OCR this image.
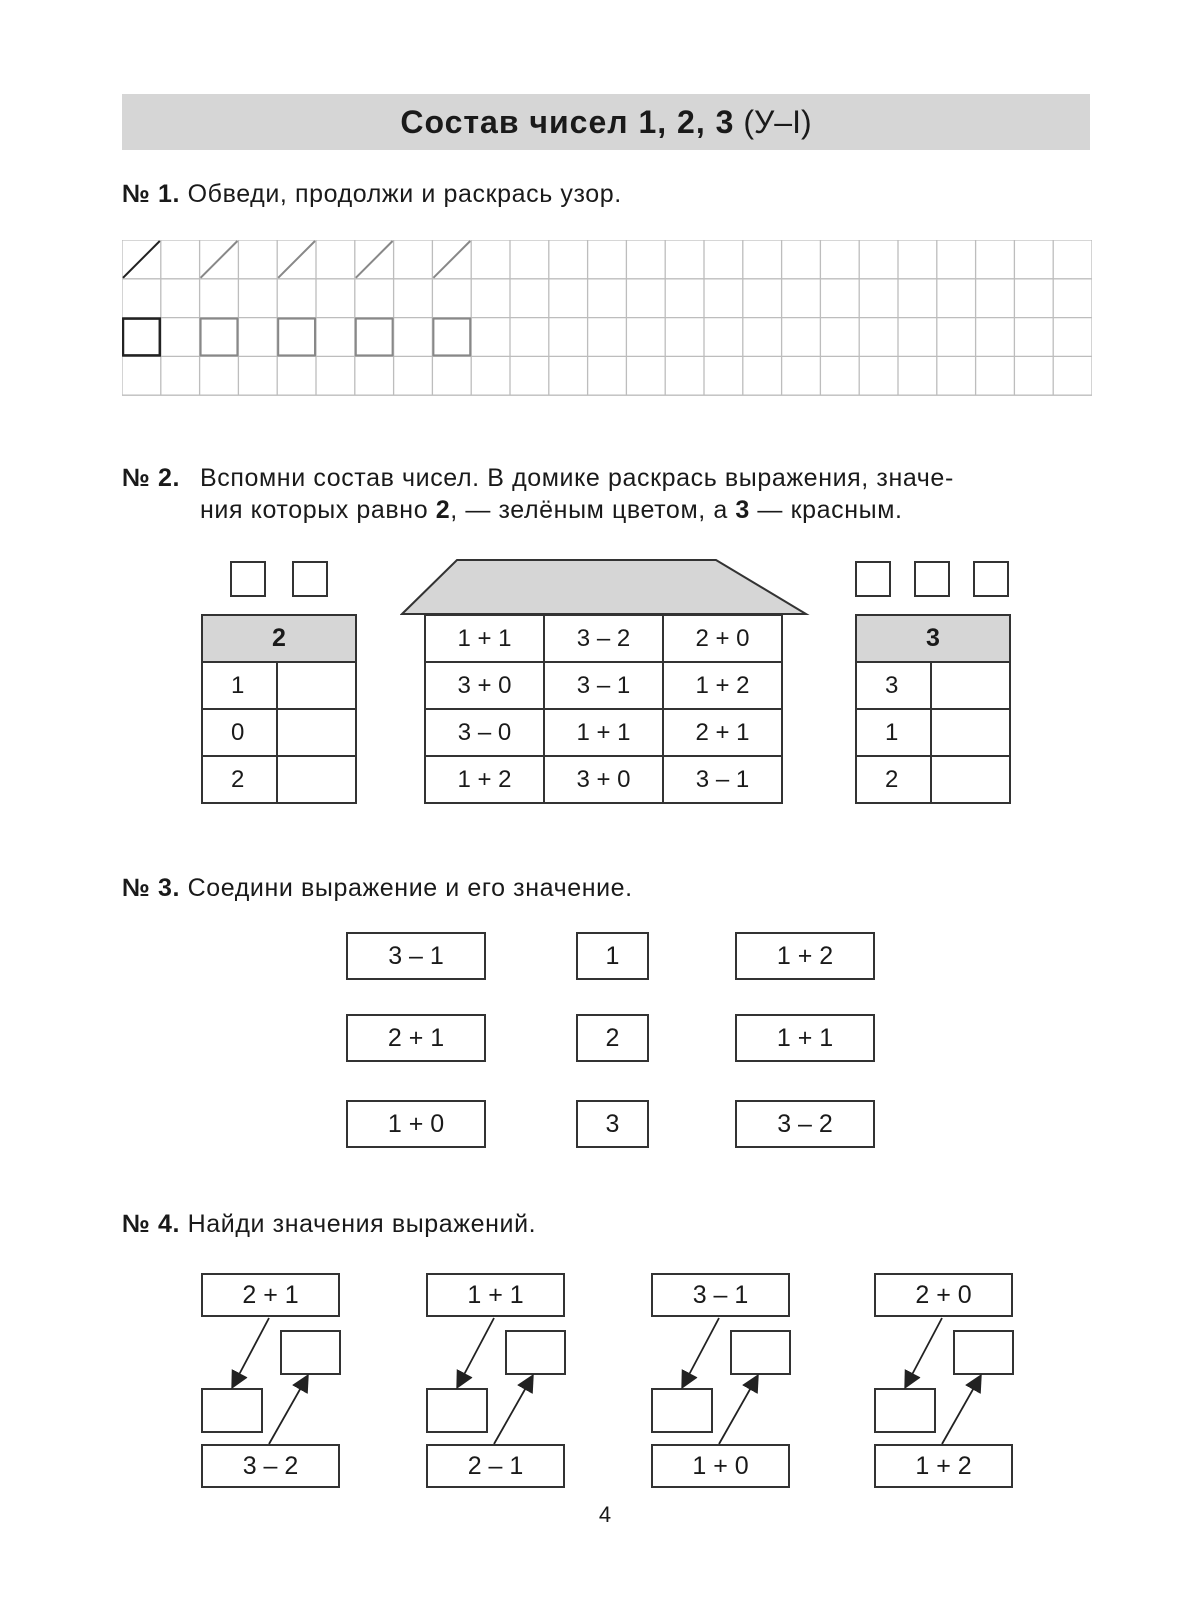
Состав чисел 1, 2, 3 (У–I)
№ 1. Обведи, продолжи и раскрась узор.
№ 2. Вспомни состав чисел. В домике раскрась выражения, значе-
ния которых равно 2, — зелёным цветом, а 3 — красным.
2	
1	
0	
2	
1 + 1	3 – 2	2 + 0
3 + 0	3 – 1	1 + 2
3 – 0	1 + 1	2 + 1
1 + 2	3 + 0	3 – 1
3	
3	
1	
2	
№ 3. Соедини выражение и его значение.
3 – 1
2 + 1
1 + 0
1
2
3
1 + 2
1 + 1
3 – 2
№ 4. Найди значения выражений.
2 + 1
3 – 2
1 + 1
2 – 1
3 – 1
1 + 0
2 + 0
1 + 2
4
